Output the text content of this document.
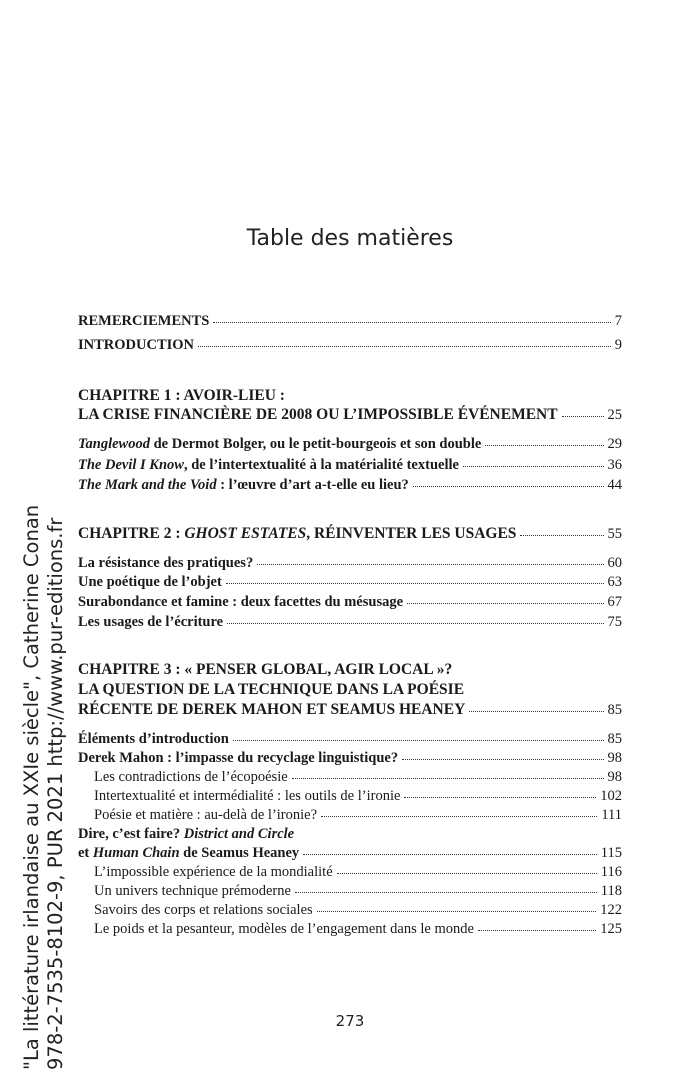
Table des matières
REMERCIEMENTS	7
INTRODUCTION	9
CHAPITRE 1 : AVOIR-LIEU :
LA CRISE FINANCIÈRE DE 2008 OU L’IMPOSSIBLE ÉVÉNEMENT	25
Tanglewood de Dermot Bolger, ou le petit-bourgeois et son double	29
The Devil I Know, de l’intertextualité à la matérialité textuelle	36
The Mark and the Void : l’œuvre d’art a-t-elle eu lieu?	44
CHAPITRE 2 : GHOST ESTATES, RÉINVENTER LES USAGES	55
La résistance des pratiques?	60
Une poétique de l’objet	63
Surabondance et famine : deux facettes du mésusage	67
Les usages de l’écriture	75
CHAPITRE 3 : « PENSER GLOBAL, AGIR LOCAL »?
LA QUESTION DE LA TECHNIQUE DANS LA POÉSIE
RÉCENTE DE DEREK MAHON ET SEAMUS HEANEY	85
Éléments d’introduction	85
Derek Mahon : l’impasse du recyclage linguistique?	98
Les contradictions de l’écopoésie	98
Intertextualité et intermédialité : les outils de l’ironie	102
Poésie et matière : au-delà de l’ironie?	111
Dire, c’est faire? District and Circle
et Human Chain de Seamus Heaney	115
L’impossible expérience de la mondialité	116
Un univers technique prémoderne	118
Savoirs des corps et relations sociales	122
Le poids et la pesanteur, modèles de l’engagement dans le monde	125
"La littérature irlandaise au XXIe siècle", Catherine Conan 978-2-7535-8102-9, PUR 2021 http://www.pur-editions.fr	273
